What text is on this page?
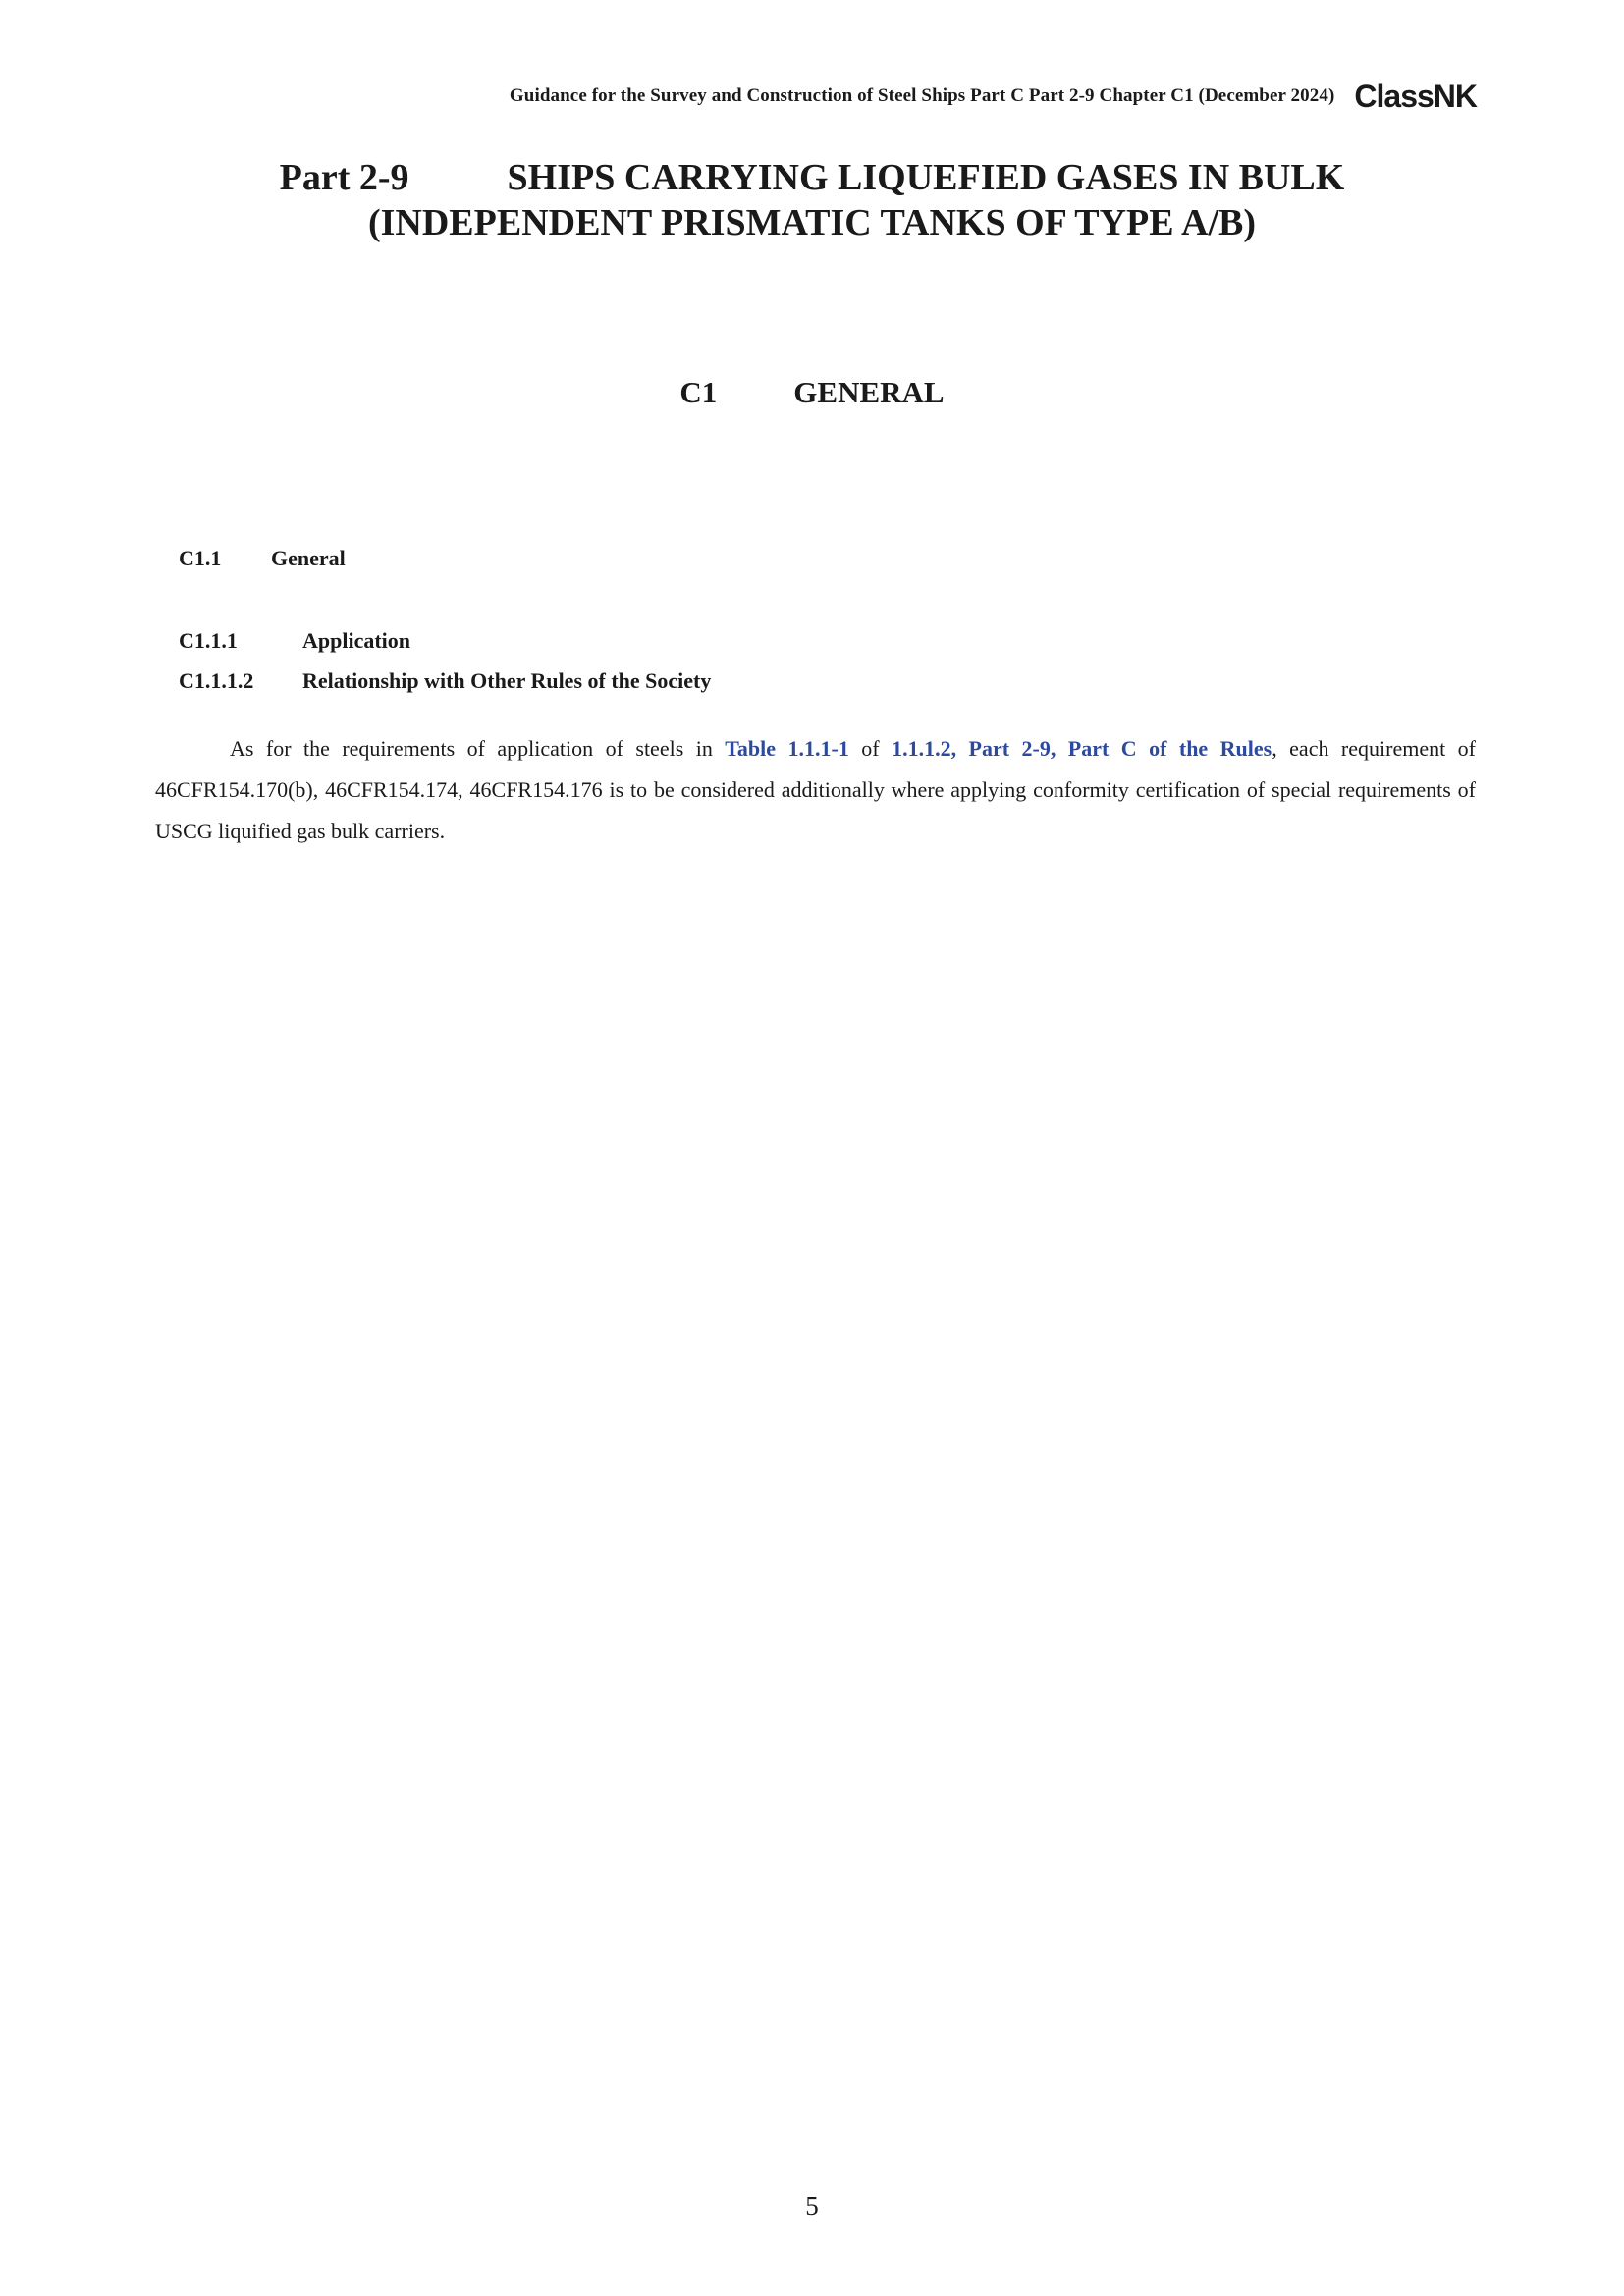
Guidance for the Survey and Construction of Steel Ships Part C Part 2-9 Chapter C1 (December 2024) ClassNK
Part 2-9	SHIPS CARRYING LIQUEFIED GASES IN BULK
(INDEPENDENT PRISMATIC TANKS OF TYPE A/B)
C1	GENERAL
C1.1 General
C1.1.1	Application
C1.1.1.2 Relationship with Other Rules of the Society

As for the requirements of application of steels in Table 1.1.1-1 of 1.1.1.2, Part 2-9, Part C of the Rules, each requirement of 46CFR154.170(b), 46CFR154.174, 46CFR154.176 is to be considered additionally where applying conformity certification of special requirements of USCG liquified gas bulk carriers.

5
